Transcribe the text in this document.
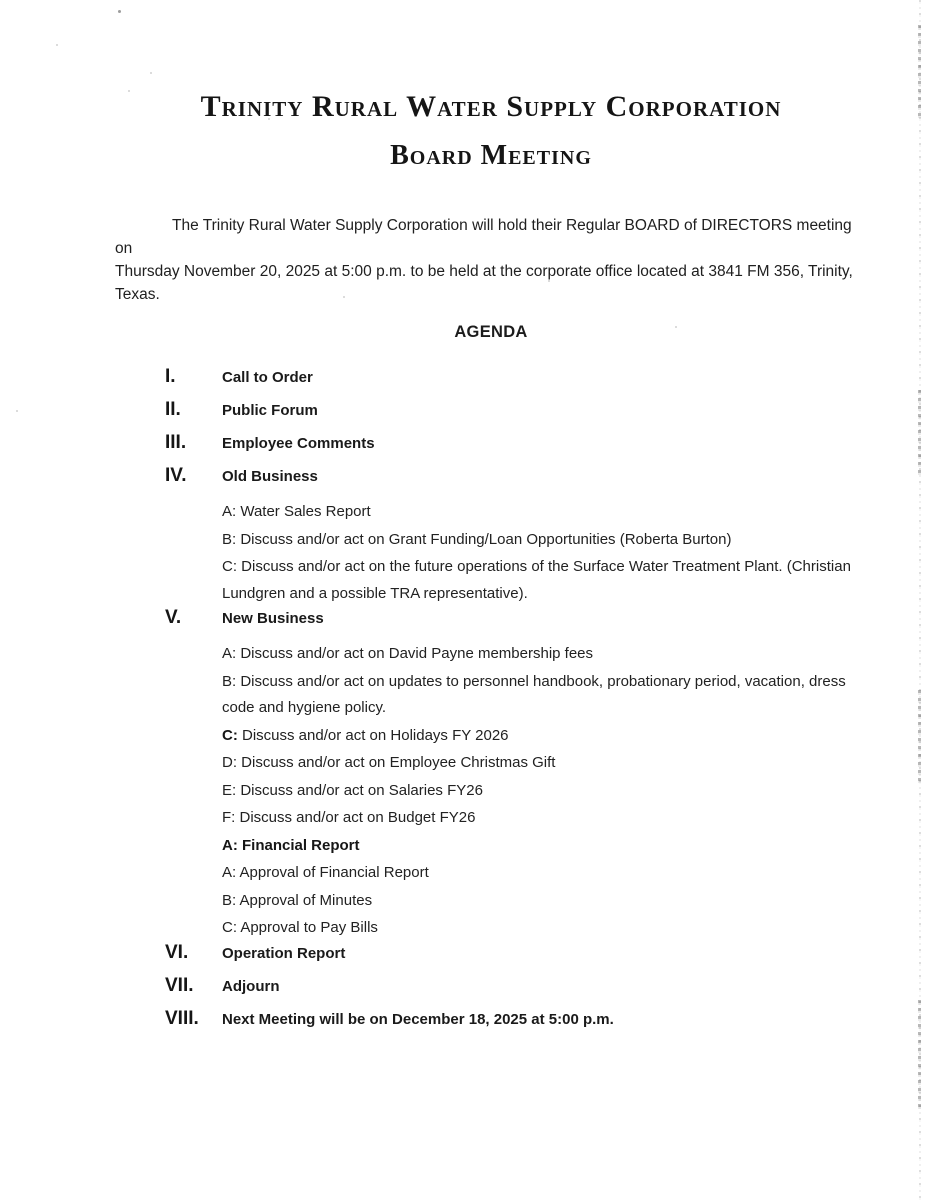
Trinity Rural Water Supply Corporation
Board Meeting
The Trinity Rural Water Supply Corporation will hold their Regular BOARD of DIRECTORS meeting on
Thursday November 20, 2025 at 5:00 p.m. to be held at the corporate office located at 3841 FM 356, Trinity,
Texas.
AGENDA
I.	Call to Order
II.	Public Forum
III. Employee Comments
IV. Old Business
A: Water Sales Report
B: Discuss and/or act on Grant Funding/Loan Opportunities (Roberta Burton)
C: Discuss and/or act on the future operations of the Surface Water Treatment Plant. (Christian
Lundgren and a possible TRA representative).
V.	New Business
A: Discuss and/or act on David Payne membership fees
B: Discuss and/or act on updates to personnel handbook, probationary period, vacation, dress
code and hygiene policy.
C: Discuss and/or act on Holidays FY 2026
D: Discuss and/or act on Employee Christmas Gift
E: Discuss and/or act on Salaries FY26
F: Discuss and/or act on Budget FY26
A: Financial Report
A: Approval of Financial Report
B: Approval of Minutes
C: Approval to Pay Bills
VI. Operation Report
VII. Adjourn
VIII. Next Meeting will be on December 18, 2025 at 5:00 p.m.
